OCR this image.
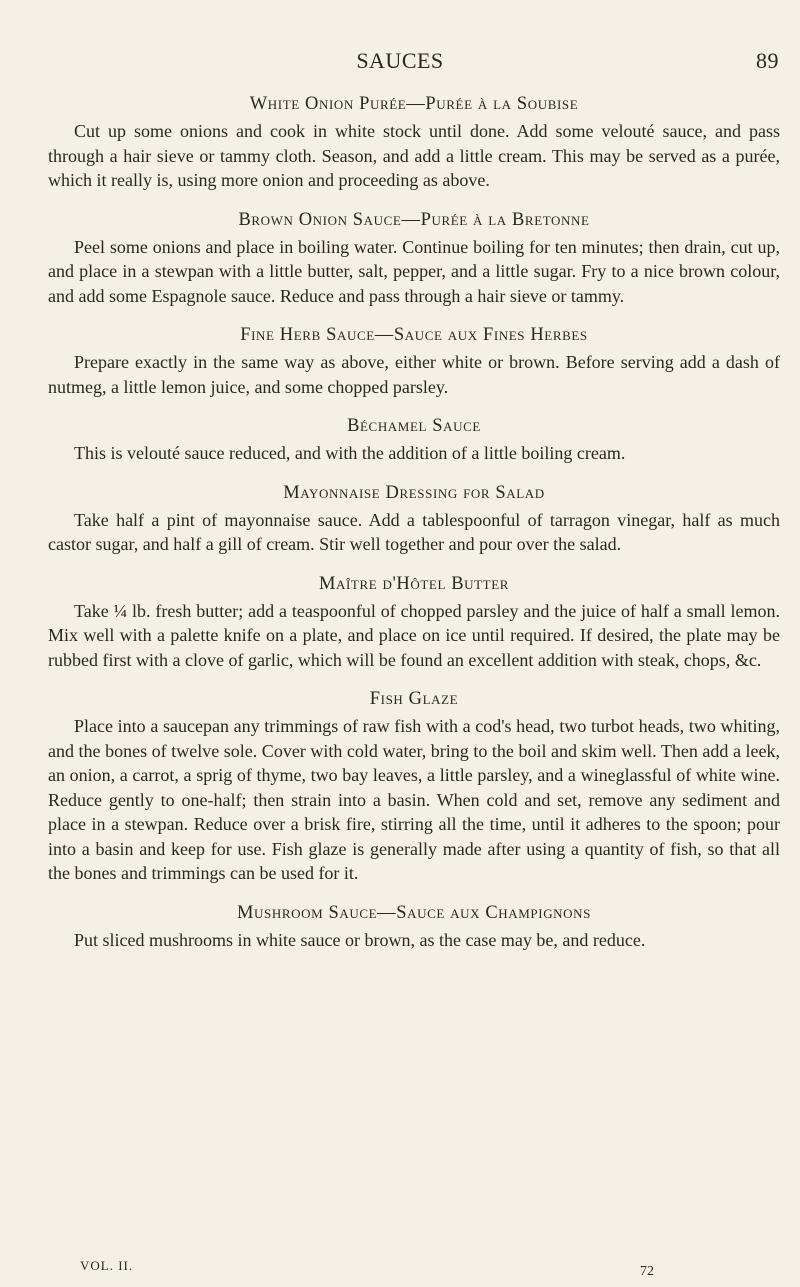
SAUCES	89
White Onion Purée—Purée à la Soubise

Cut up some onions and cook in white stock until done. Add some velouté sauce, and pass through a hair sieve or tammy cloth. Season, and add a little cream. This may be served as a purée, which it really is, using more onion and proceeding as above.

Brown Onion Sauce—Purée à la Bretonne

Peel some onions and place in boiling water. Continue boiling for ten minutes; then drain, cut up, and place in a stewpan with a little butter, salt, pepper, and a little sugar. Fry to a nice brown colour, and add some Espagnole sauce. Reduce and pass through a hair sieve or tammy.

Fine Herb Sauce—Sauce aux Fines Herbes

Prepare exactly in the same way as above, either white or brown. Before serving add a dash of nutmeg, a little lemon juice, and some chopped parsley.

Béchamel Sauce

This is velouté sauce reduced, and with the addition of a little boiling cream.

Mayonnaise Dressing for Salad

Take half a pint of mayonnaise sauce. Add a tablespoonful of tarragon vinegar, half as much castor sugar, and half a gill of cream. Stir well together and pour over the salad.

Maître d'Hôtel Butter

Take ¼ lb. fresh butter; add a teaspoonful of chopped parsley and the juice of half a small lemon. Mix well with a palette knife on a plate, and place on ice until required. If desired, the plate may be rubbed first with a clove of garlic, which will be found an excellent addition with steak, chops, &c.

Fish Glaze

Place into a saucepan any trimmings of raw fish with a cod's head, two turbot heads, two whiting, and the bones of twelve sole. Cover with cold water, bring to the boil and skim well. Then add a leek, an onion, a carrot, a sprig of thyme, two bay leaves, a little parsley, and a wineglassful of white wine. Reduce gently to one-half; then strain into a basin. When cold and set, remove any sediment and place in a stewpan. Reduce over a brisk fire, stirring all the time, until it adheres to the spoon; pour into a basin and keep for use. Fish glaze is generally made after using a quantity of fish, so that all the bones and trimmings can be used for it.

Mushroom Sauce—Sauce aux Champignons

Put sliced mushrooms in white sauce or brown, as the case may be, and reduce.

VOL. II.	72
